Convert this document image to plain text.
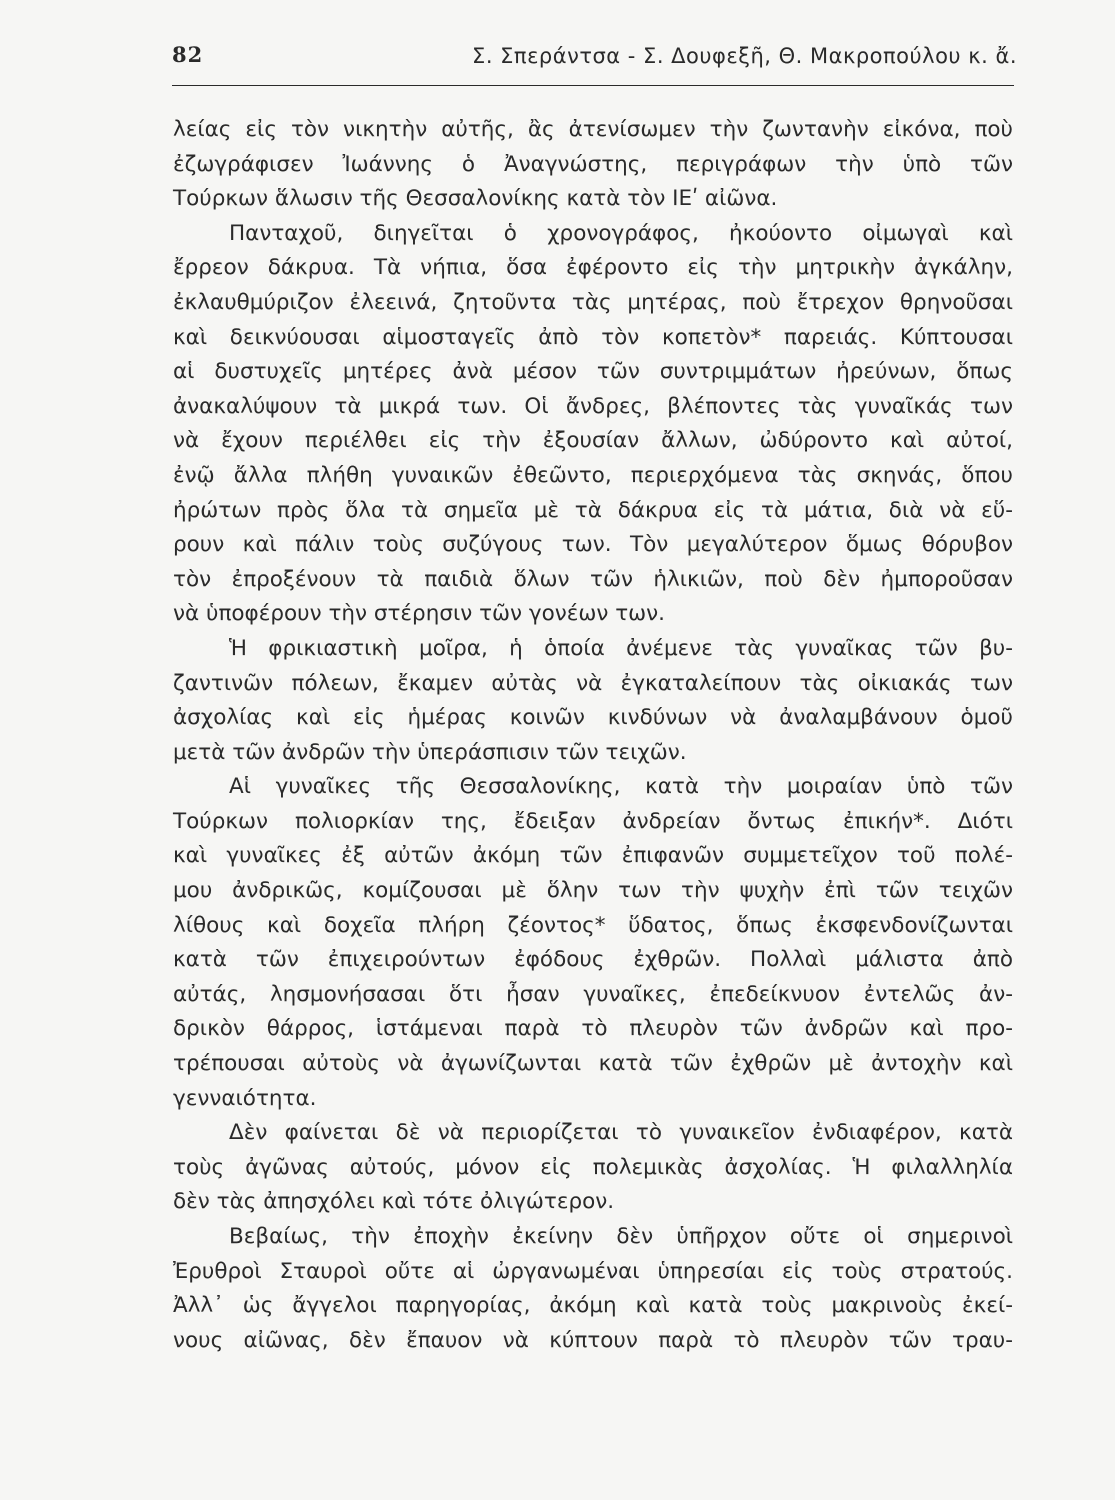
82	Σ. Σπεράντσα - Σ. Δουφεξῆ, Θ. Μακροπούλου κ. ἄ.
λείας εἰς τὸν νικητὴν αὐτῆς, ἂς ἀτενίσωμεν τὴν ζωντανὴν εἰκόνα, ποὺ
ἐζωγράφισεν Ἰωάννης ὁ Ἀναγνώστης, περιγράφων τὴν ὑπὸ τῶν
Τούρκων ἅλωσιν τῆς Θεσσαλονίκης κατὰ τὸν ΙΕʹ αἰῶνα.
Πανταχοῦ, διηγεῖται ὁ χρονογράφος, ἠκούοντο οἰμωγαὶ καὶ
ἔρρεον δάκρυα. Τὰ νήπια, ὅσα ἐφέροντο εἰς τὴν μητρικὴν ἀγκάλην,
ἐκλαυθμύριζον ἐλεεινά, ζητοῦντα τὰς μητέρας, ποὺ ἔτρεχον θρηνοῦσαι
καὶ δεικνύουσαι αἱμοσταγεῖς ἀπὸ τὸν κοπετὸν* παρειάς. Κύπτουσαι
αἱ δυστυχεῖς μητέρες ἀνὰ μέσον τῶν συντριμμάτων ἠρεύνων, ὅπως
ἀνακαλύψουν τὰ μικρά των. Οἱ ἄνδρες, βλέποντες τὰς γυναῖκάς των
νὰ ἔχουν περιέλθει εἰς τὴν ἐξουσίαν ἄλλων, ὠδύροντο καὶ αὐτοί,
ἐνῷ ἄλλα πλήθη γυναικῶν ἐθεῶντο, περιερχόμενα τὰς σκηνάς, ὅπου
ἠρώτων πρὸς ὅλα τὰ σημεῖα μὲ τὰ δάκρυα εἰς τὰ μάτια, διὰ νὰ εὕ-
ρουν καὶ πάλιν τοὺς συζύγους των. Τὸν μεγαλύτερον ὅμως θόρυβον
τὸν ἐπροξένουν τὰ παιδιὰ ὅλων τῶν ἡλικιῶν, ποὺ δὲν ἠμποροῦσαν
νὰ ὑποφέρουν τὴν στέρησιν τῶν γονέων των.
Ἡ φρικιαστικὴ μοῖρα, ἡ ὁποία ἀνέμενε τὰς γυναῖκας τῶν βυ-
ζαντινῶν πόλεων, ἔκαμεν αὐτὰς νὰ ἐγκαταλείπουν τὰς οἰκιακάς των
ἀσχολίας καὶ εἰς ἡμέρας κοινῶν κινδύνων νὰ ἀναλαμβάνουν ὁμοῦ
μετὰ τῶν ἀνδρῶν τὴν ὑπεράσπισιν τῶν τειχῶν.
Αἱ γυναῖκες τῆς Θεσσαλονίκης, κατὰ τὴν μοιραίαν ὑπὸ τῶν
Τούρκων πολιορκίαν της, ἔδειξαν ἀνδρείαν ὄντως ἐπικήν*. Διότι
καὶ γυναῖκες ἐξ αὐτῶν ἀκόμη τῶν ἐπιφανῶν συμμετεῖχον τοῦ πολέ-
μου ἀνδρικῶς, κομίζουσαι μὲ ὅλην των τὴν ψυχὴν ἐπὶ τῶν τειχῶν
λίθους καὶ δοχεῖα πλήρη ζέοντος* ὕδατος, ὅπως ἐκσφενδονίζωνται
κατὰ τῶν ἐπιχειρούντων ἐφόδους ἐχθρῶν. Πολλαὶ μάλιστα ἀπὸ
αὐτάς, λησμονήσασαι ὅτι ἦσαν γυναῖκες, ἐπεδείκνυον ἐντελῶς ἀν-
δρικὸν θάρρος, ἱστάμεναι παρὰ τὸ πλευρὸν τῶν ἀνδρῶν καὶ προ-
τρέπουσαι αὐτοὺς νὰ ἀγωνίζωνται κατὰ τῶν ἐχθρῶν μὲ ἀντοχὴν καὶ
γενναιότητα.
Δὲν φαίνεται δὲ νὰ περιορίζεται τὸ γυναικεῖον ἐνδιαφέρον, κατὰ
τοὺς ἀγῶνας αὐτούς, μόνον εἰς πολεμικὰς ἀσχολίας. Ἡ φιλαλληλία
δὲν τὰς ἀπησχόλει καὶ τότε ὀλιγώτερον.
Βεβαίως, τὴν ἐποχὴν ἐκείνην δὲν ὑπῆρχον οὔτε οἱ σημερινοὶ
Ἐρυθροὶ Σταυροὶ οὔτε αἱ ὠργανωμέναι ὑπηρεσίαι εἰς τοὺς στρατούς.
Ἀλλ᾽ ὡς ἄγγελοι παρηγορίας, ἀκόμη καὶ κατὰ τοὺς μακρινοὺς ἐκεί-
νους αἰῶνας, δὲν ἔπαυον νὰ κύπτουν παρὰ τὸ πλευρὸν τῶν τραυ-
